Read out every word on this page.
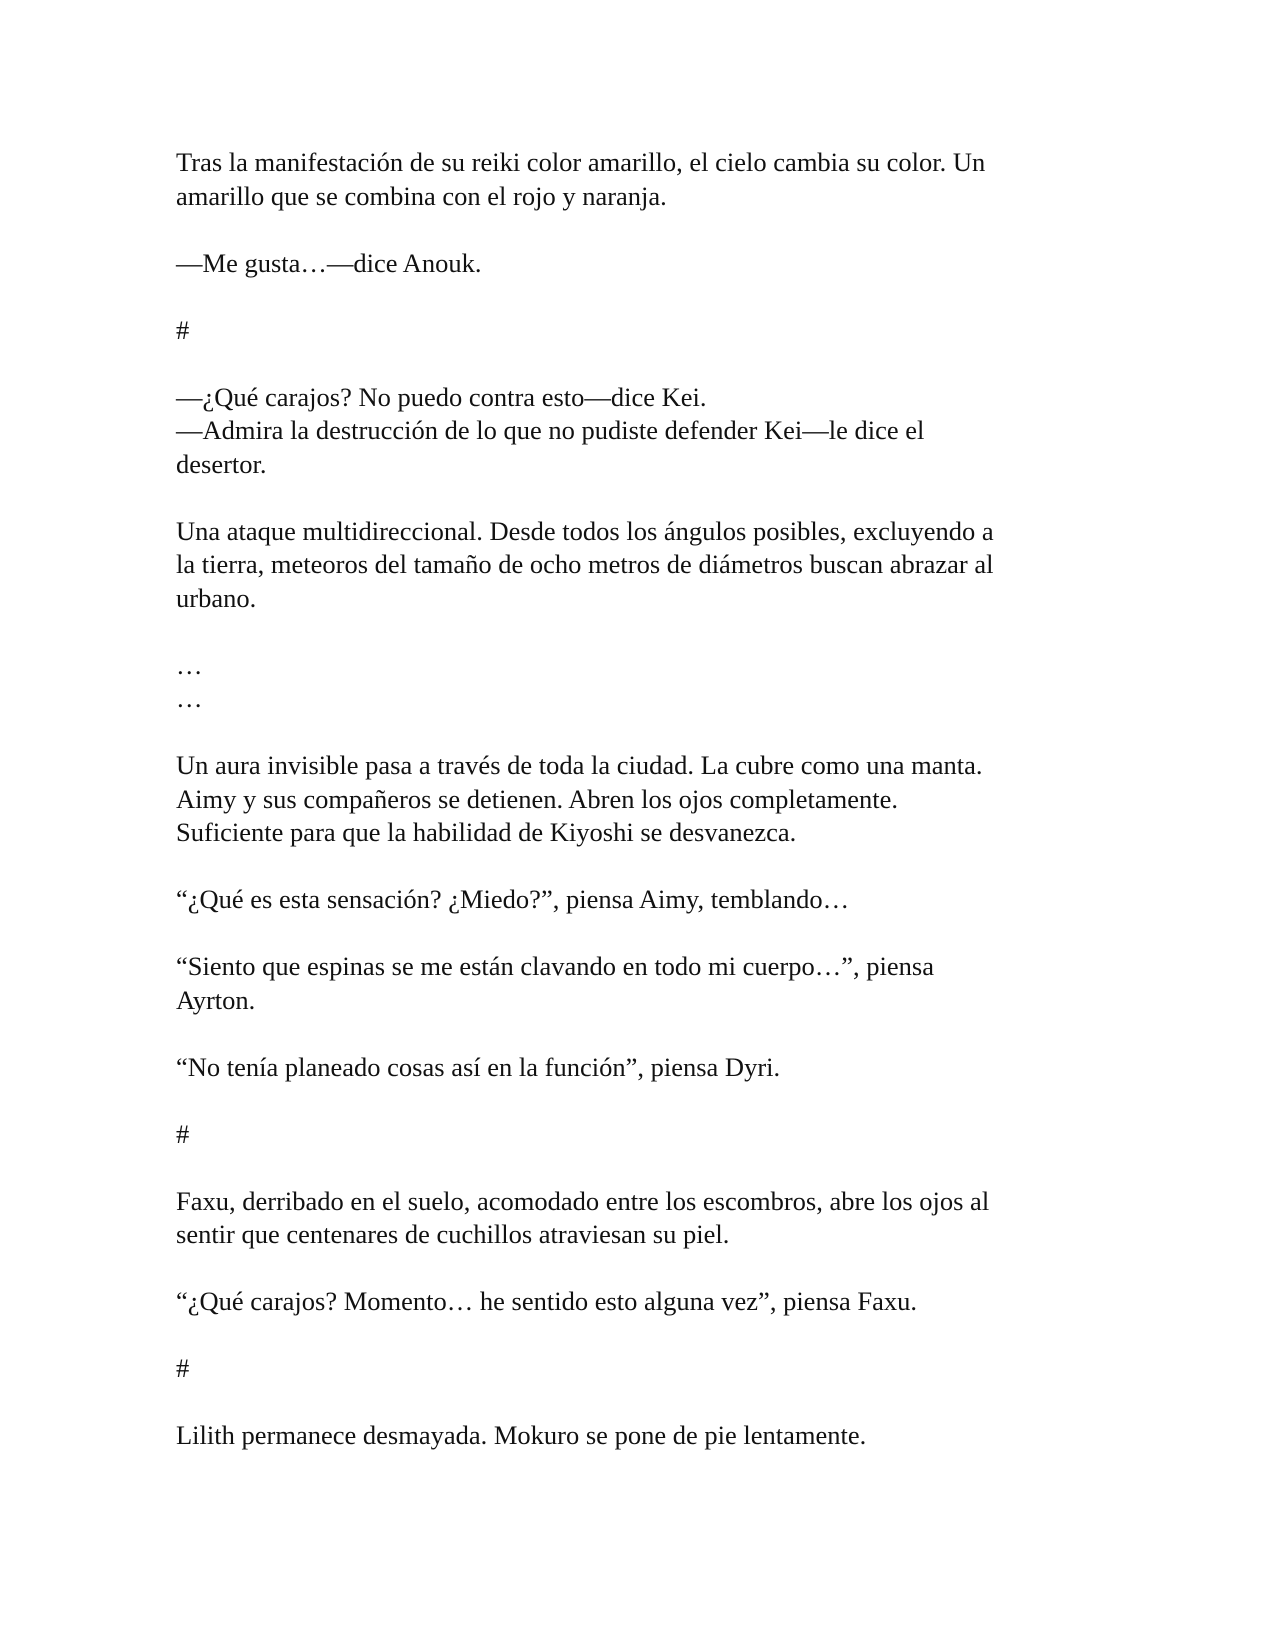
Tras la manifestación de su reiki color amarillo, el cielo cambia su color. Un
amarillo que se combina con el rojo y naranja.

—Me gusta…—dice Anouk.

#

—¿Qué carajos? No puedo contra esto—dice Kei.
—Admira la destrucción de lo que no pudiste defender Kei—le dice el
desertor.

Una ataque multidireccional. Desde todos los ángulos posibles, excluyendo a
la tierra, meteoros del tamaño de ocho metros de diámetros buscan abrazar al
urbano.

…
…

Un aura invisible pasa a través de toda la ciudad. La cubre como una manta.
Aimy y sus compañeros se detienen. Abren los ojos completamente.
Suficiente para que la habilidad de Kiyoshi se desvanezca.

“¿Qué es esta sensación? ¿Miedo?”, piensa Aimy, temblando…

“Siento que espinas se me están clavando en todo mi cuerpo…”, piensa
Ayrton.

“No tenía planeado cosas así en la función”, piensa Dyri.

#

Faxu, derribado en el suelo, acomodado entre los escombros, abre los ojos al
sentir que centenares de cuchillos atraviesan su piel.

“¿Qué carajos? Momento… he sentido esto alguna vez”, piensa Faxu.

#

Lilith permanece desmayada. Mokuro se pone de pie lentamente.
